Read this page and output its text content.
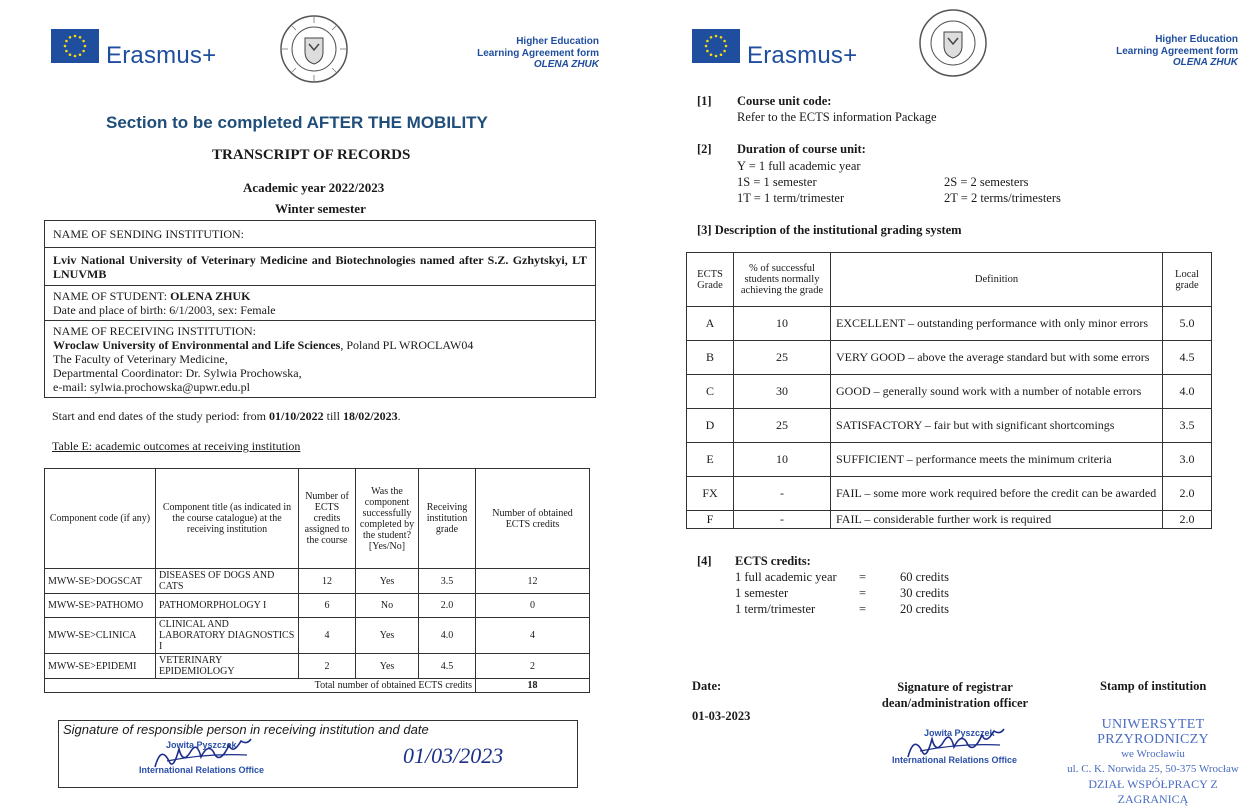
Erasmus+
Higher Education
Learning Agreement form
OLENA ZHUK
Section to be completed AFTER THE MOBILITY
TRANSCRIPT OF RECORDS
Academic year 2022/2023
Winter semester
NAME OF SENDING INSTITUTION:
Lviv National University of Veterinary Medicine and Biotechnologies named after S.Z. Gzhytskyi, LT LNUVMB
NAME OF STUDENT: OLENA ZHUK
Date and place of birth: 6/1/2003, sex: Female
NAME OF RECEIVING INSTITUTION:
Wroclaw University of Environmental and Life Sciences, Poland PL WROCLAW04
The Faculty of Veterinary Medicine,
Departmental Coordinator: Dr. Sylwia Prochowska,
e-mail: sylwia.prochowska@upwr.edu.pl
Start and end dates of the study period: from 01/10/2022 till 18/02/2023.
Table E: academic outcomes at receiving institution
Component code (if any)	Component title (as indicated in the course catalogue) at the receiving institution	Number of ECTS credits assigned to the course	Was the component successfully completed by the student? [Yes/No]	Receiving institution grade	Number of obtained ECTS credits
MWW-SE>DOGSCAT	DISEASES OF DOGS AND CATS	12	Yes	3.5	12
MWW-SE>PATHOMO	PATHOMORPHOLOGY I	6	No	2.0	0
MWW-SE>CLINICA	CLINICAL AND LABORATORY DIAGNOSTICS I	4	Yes	4.0	4
MWW-SE>EPIDEMI	VETERINARY EPIDEMIOLOGY	2	Yes	4.5	2
Total number of obtained ECTS credits					18
Signature of responsible person in receiving institution and date
Jowita Pyszczek
International Relations Office
01/03/2023
Erasmus+
Higher Education
Learning Agreement form
OLENA ZHUK
[1] Course unit code:
Refer to the ECTS information Package
[2] Duration of course unit:
Y = 1 full academic year
1S = 1 semester	2S = 2 semesters
1T = 1 term/trimester	2T = 2 terms/trimesters
[3] Description of the institutional grading system
ECTS Grade	% of successful students normally achieving the grade	Definition	Local grade
A	10	EXCELLENT – outstanding performance with only minor errors	5.0
B	25	VERY GOOD – above the average standard but with some errors	4.5
C	30	GOOD – generally sound work with a number of notable errors	4.0
D	25	SATISFACTORY – fair but with significant shortcomings	3.5
E	10	SUFFICIENT – performance meets the minimum criteria	3.0
FX	-	FAIL – some more work required before the credit can be awarded	2.0
F	-	FAIL – considerable further work is required	2.0
[4] ECTS credits:
1 full academic year =	60 credits
1 semester	=	30 credits
1 term/trimester	=	20 credits
Date:
01-03-2023
Signature of registrar dean/administration officer
Stamp of institution
Jowita Pyszczek
International Relations Office
UNIWERSYTET PRZYRODNICZY
we Wrocławiu
ul. C. K. Norwida 25, 50-375 Wrocław
DZIAŁ WSPÓŁPRACY Z ZAGRANICĄ
